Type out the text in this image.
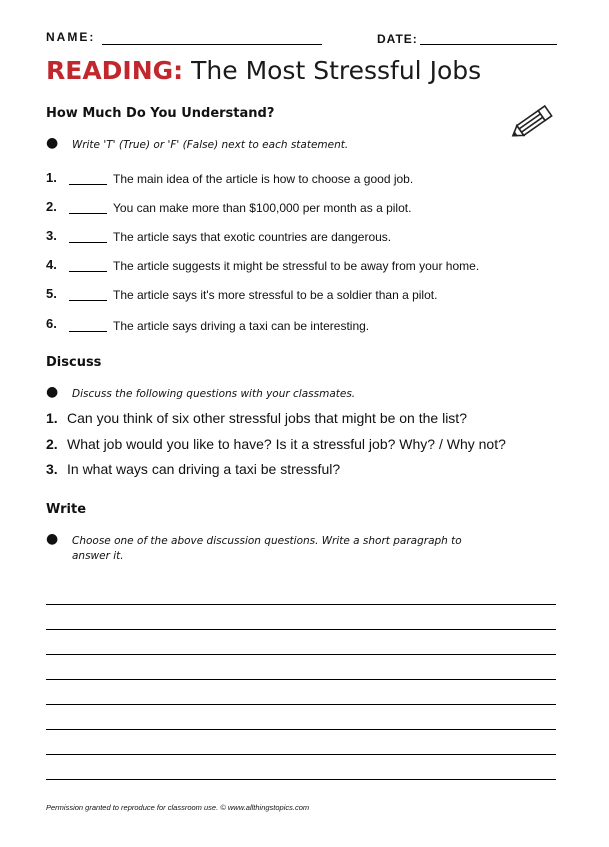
NAME:	DATE:
READING: The Most Stressful Jobs
How Much Do You Understand?
● Write 'T' (True) or 'F' (False) next to each statement.
1.	The main idea of the article is how to choose a good job.
2.	You can make more than $100,000 per month as a pilot.
3.	The article says that exotic countries are dangerous.
4.	The article suggests it might be stressful to be away from your home.
5.	The article says it's more stressful to be a soldier than a pilot.
6.	The article says driving a taxi can be interesting.
Discuss
● Discuss the following questions with your classmates.
1. Can you think of six other stressful jobs that might be on the list?
2. What job would you like to have? Is it a stressful job? Why? / Why not?
3. In what ways can driving a taxi be stressful?
Write
● Choose one of the above discussion questions. Write a short paragraph to
answer it.
Permission granted to reproduce for classroom use. © www.allthingstopics.com
